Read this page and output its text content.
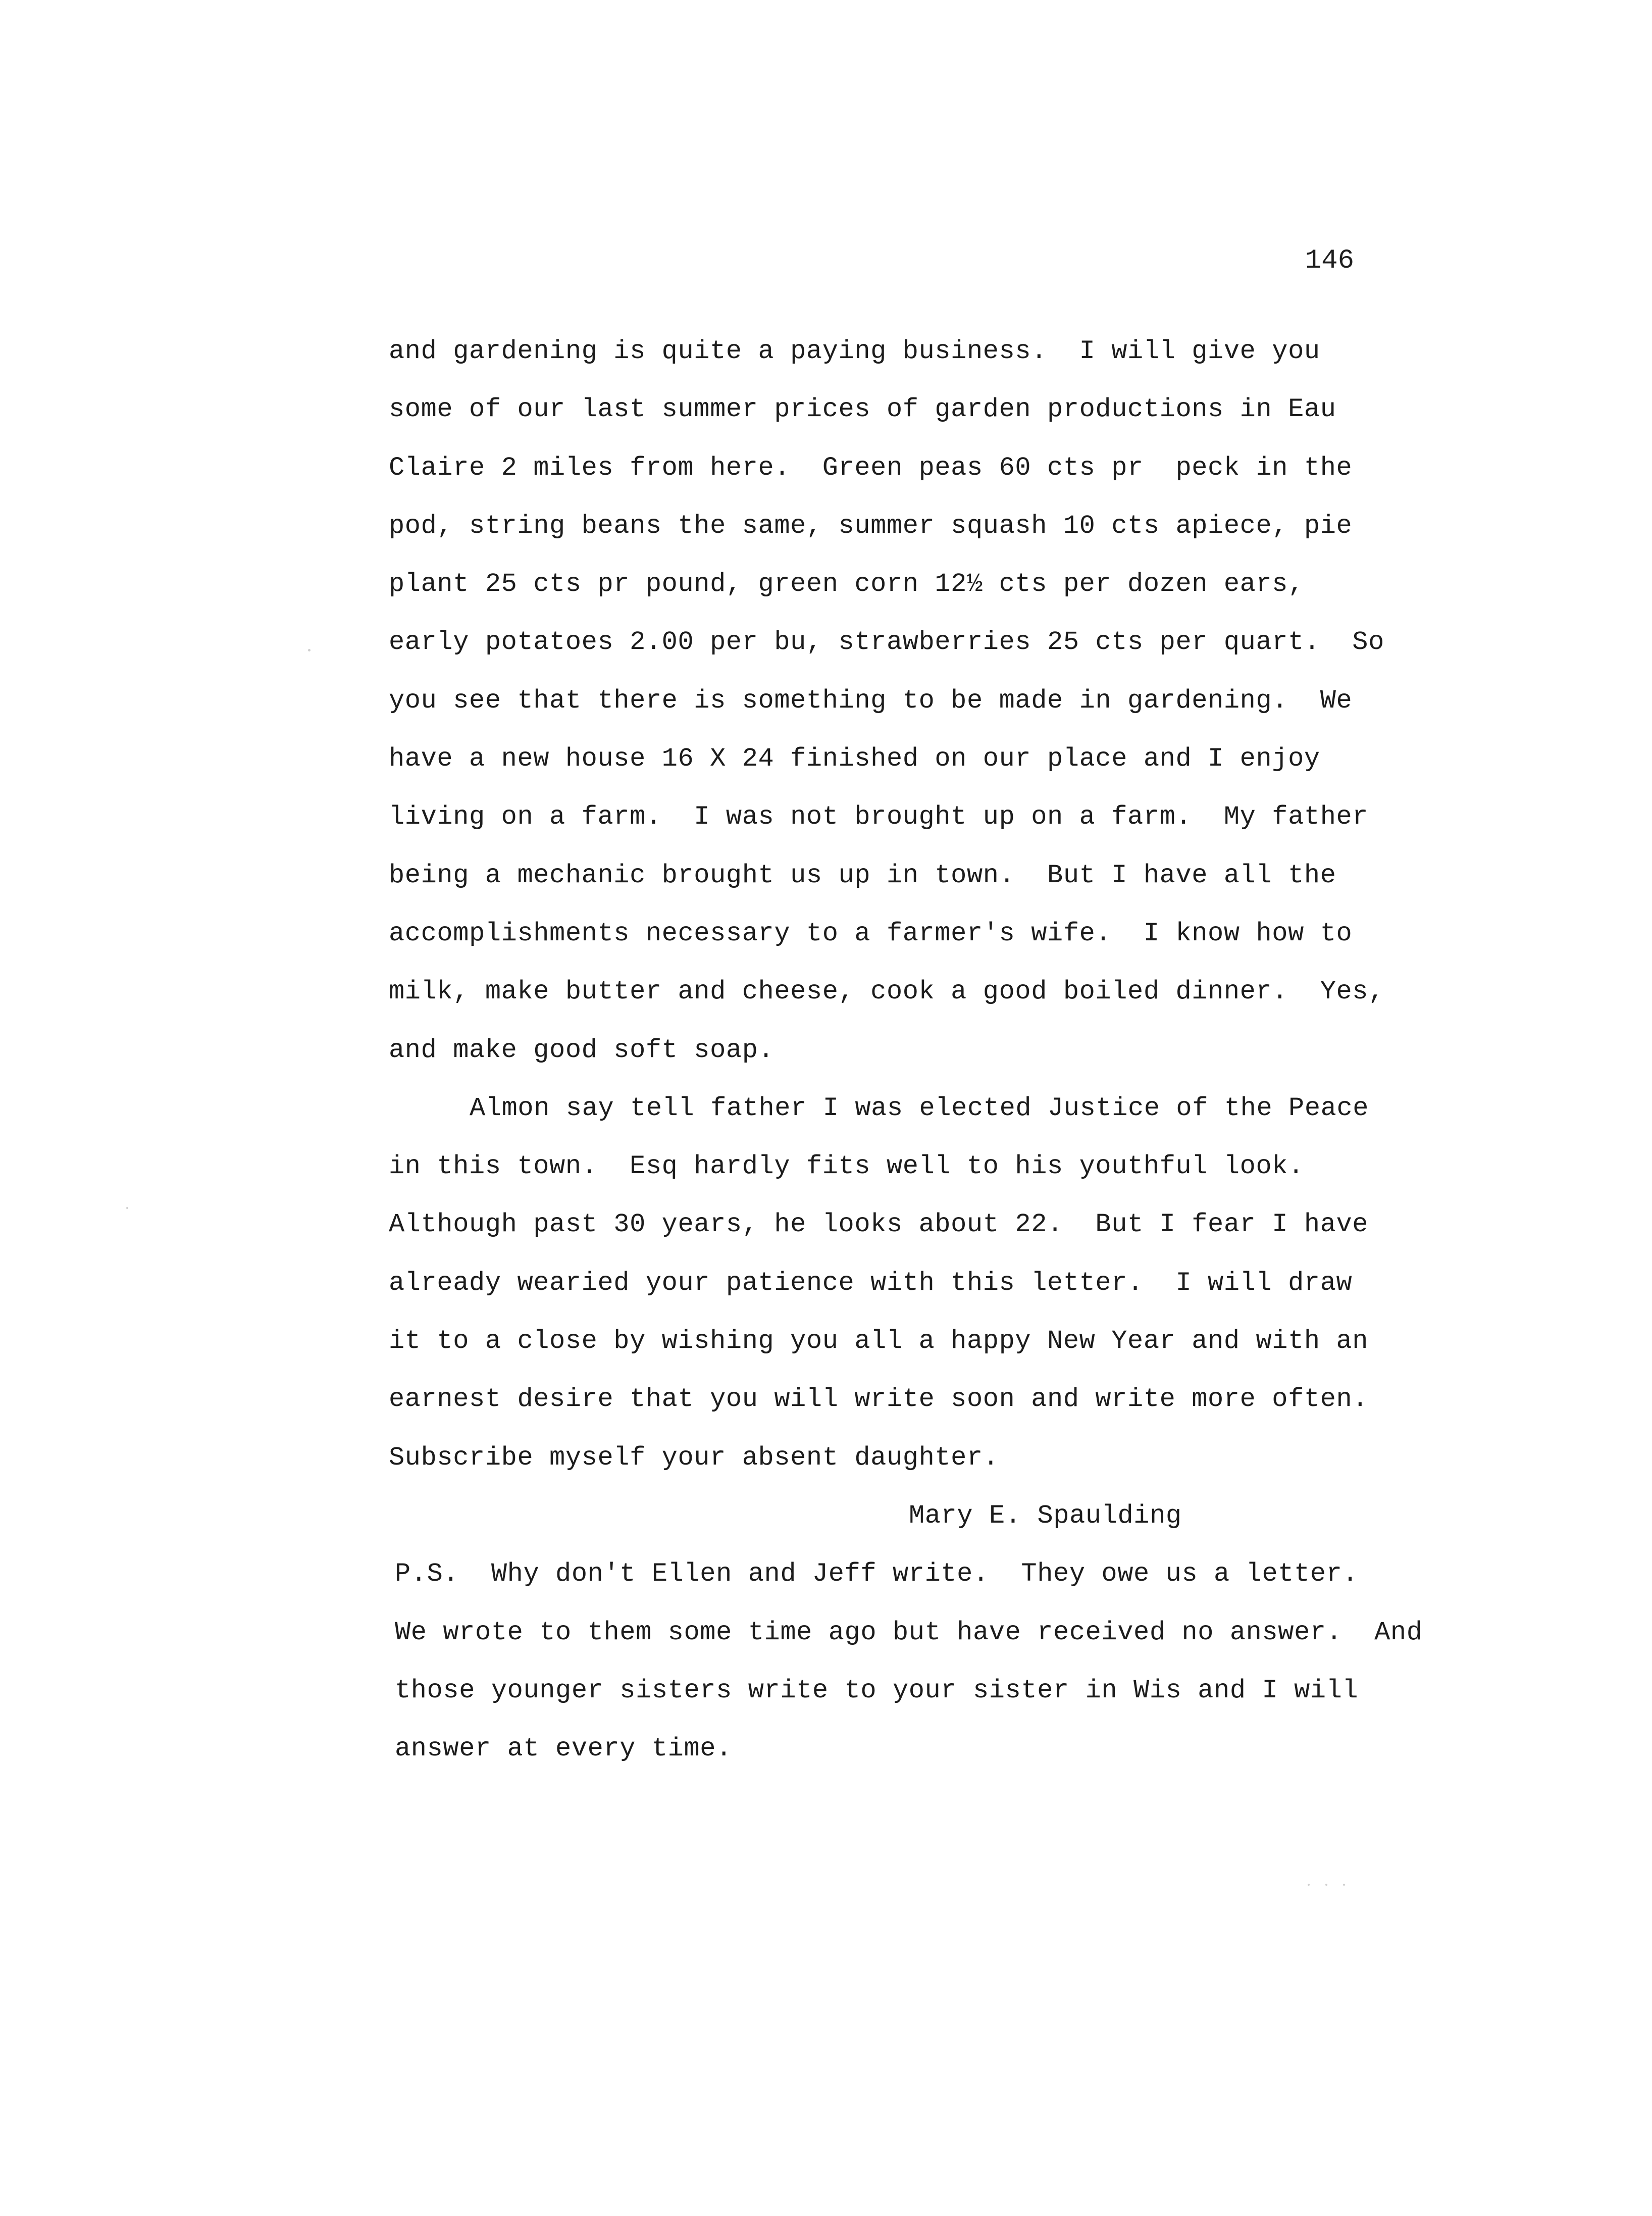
146
and gardening is quite a paying business.  I will give you
some of our last summer prices of garden productions in Eau
Claire 2 miles from here.  Green peas 60 cts pr  peck in the
pod, string beans the same, summer squash 10 cts apiece, pie
plant 25 cts pr pound, green corn 12½ cts per dozen ears,
early potatoes 2.00 per bu, strawberries 25 cts per quart.  So
you see that there is something to be made in gardening.  We
have a new house 16 X 24 finished on our place and I enjoy
living on a farm.  I was not brought up on a farm.  My father
being a mechanic brought us up in town.  But I have all the
accomplishments necessary to a farmer's wife.  I know how to
milk, make butter and cheese, cook a good boiled dinner.  Yes,
and make good soft soap.
Almon say tell father I was elected Justice of the Peace
in this town.  Esq hardly fits well to his youthful look.
Although past 30 years, he looks about 22.  But I fear I have
already wearied your patience with this letter.  I will draw
it to a close by wishing you all a happy New Year and with an
earnest desire that you will write soon and write more often.
Subscribe myself your absent daughter.
Mary E. Spaulding
P.S.  Why don't Ellen and Jeff write.  They owe us a letter.
We wrote to them some time ago but have received no answer.  And
those younger sisters write to your sister in Wis and I will
answer at every time.
